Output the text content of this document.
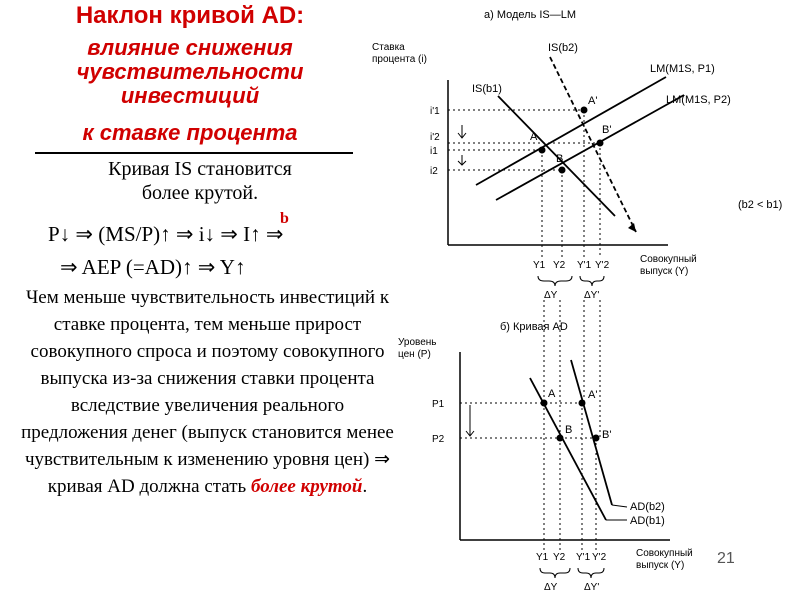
Наклон кривой AD:
влияние снижения
чувствительности
инвестиций
к ставке процента
Кривая IS становится
более крутой.
b
P↓ ⇒ (MS/P)↑ ⇒ i↓ ⇒ I↑ ⇒
⇒ AEP (=AD)↑ ⇒ Y↑
Чем меньше чувствительность инвестиций к ставке процента, тем меньше прирост совокупного спроса и поэтому совокупного выпуска из-за снижения ставки процента вследствие увеличения реального предложения денег (выпуск становится менее чувствительным к изменению уровня цен) ⇒ кривая AD должна стать более крутой.
21
а) Модель IS—LM
Ставка
процента (i)
Совокупный
выпуск (Y)
IS(b1)
IS(b2)
LM(M1S, P1)
LM(M1S, P2)
A
A'
B
B'
i'1
i'2
i1
i2
Y1 Y2 Y'1 Y'2
ΔY	ΔY'
(b2 < b1)
б) Кривая AD
Уровень
цен (P)
Совокупный
выпуск (Y)
AD(b2)
AD(b1)
A	A'
B	B'
P1
P2
Y1 Y2 Y'1 Y'2
ΔY	ΔY'
